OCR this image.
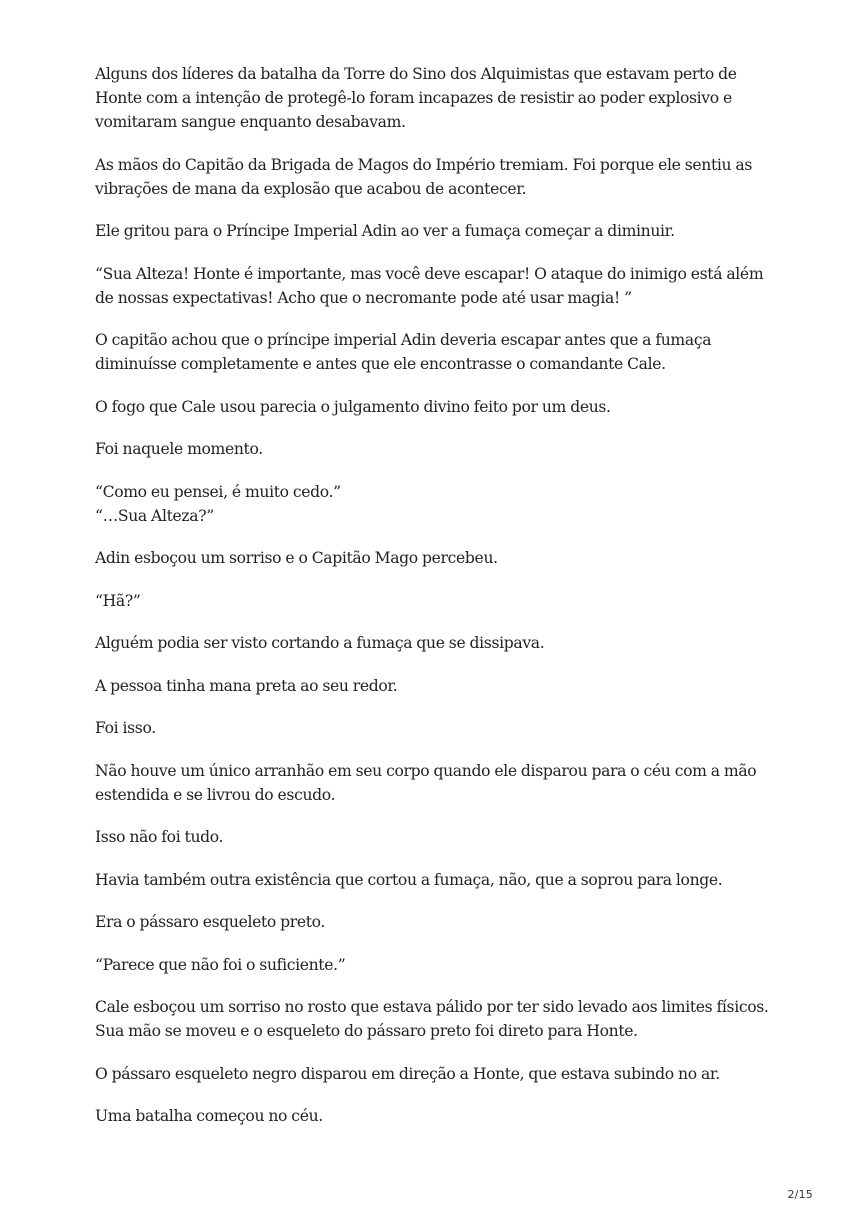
Alguns dos líderes da batalha da Torre do Sino dos Alquimistas que estavam perto de Honte com a intenção de protegê-lo foram incapazes de resistir ao poder explosivo e vomitaram sangue enquanto desabavam.

As mãos do Capitão da Brigada de Magos do Império tremiam. Foi porque ele sentiu as vibrações de mana da explosão que acabou de acontecer.

Ele gritou para o Príncipe Imperial Adin ao ver a fumaça começar a diminuir.

“Sua Alteza! Honte é importante, mas você deve escapar! O ataque do inimigo está além de nossas expectativas! Acho que o necromante pode até usar magia! ”

O capitão achou que o príncipe imperial Adin deveria escapar antes que a fumaça diminuísse completamente e antes que ele encontrasse o comandante Cale.

O fogo que Cale usou parecia o julgamento divino feito por um deus.

Foi naquele momento.

“Como eu pensei, é muito cedo.”

“…Sua Alteza?”

Adin esboçou um sorriso e o Capitão Mago percebeu.

“Hã?”

Alguém podia ser visto cortando a fumaça que se dissipava.

A pessoa tinha mana preta ao seu redor.

Foi isso.

Não houve um único arranhão em seu corpo quando ele disparou para o céu com a mão estendida e se livrou do escudo.

Isso não foi tudo.

Havia também outra existência que cortou a fumaça, não, que a soprou para longe.

Era o pássaro esqueleto preto.

“Parece que não foi o suficiente.”

Cale esboçou um sorriso no rosto que estava pálido por ter sido levado aos limites físicos. Sua mão se moveu e o esqueleto do pássaro preto foi direto para Honte.

O pássaro esqueleto negro disparou em direção a Honte, que estava subindo no ar.

Uma batalha começou no céu.

2/15
